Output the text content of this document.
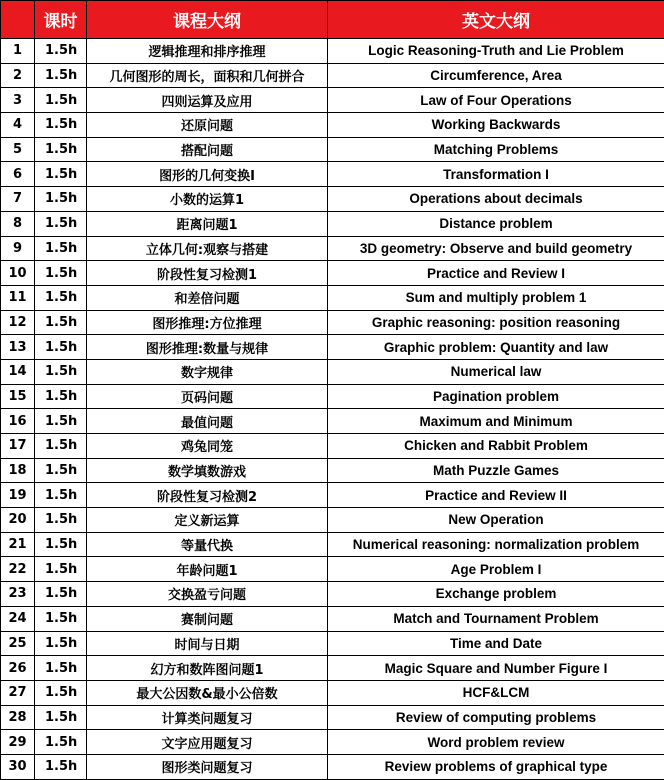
	课时	课程大纲	英文大纲
1	1.5h	逻辑推理和排序推理	Logic Reasoning-Truth and Lie Problem
2	1.5h	几何图形的周长，面积和几何拼合	Circumference, Area
3	1.5h	四则运算及应用	Law of Four Operations
4	1.5h	还原问题	Working Backwards
5	1.5h	搭配问题	Matching Problems
6	1.5h	图形的几何变换I	Transformation I
7	1.5h	小数的运算1	Operations about decimals
8	1.5h	距离问题1	Distance problem
9	1.5h	立体几何:观察与搭建	3D geometry: Observe and build geometry
10	1.5h	阶段性复习检测1	Practice and Review I
11	1.5h	和差倍问题	Sum and multiply problem 1
12	1.5h	图形推理:方位推理	Graphic reasoning: position reasoning
13	1.5h	图形推理:数量与规律	Graphic problem: Quantity and law
14	1.5h	数字规律	Numerical law
15	1.5h	页码问题	Pagination problem
16	1.5h	最值问题	Maximum and Minimum
17	1.5h	鸡兔同笼	Chicken and Rabbit Problem
18	1.5h	数学填数游戏	Math Puzzle Games
19	1.5h	阶段性复习检测2	Practice and Review II
20	1.5h	定义新运算	New Operation
21	1.5h	等量代换	Numerical reasoning: normalization problem
22	1.5h	年龄问题1	Age Problem I
23	1.5h	交换盈亏问题	Exchange problem
24	1.5h	赛制问题	Match and Tournament Problem
25	1.5h	时间与日期	Time and Date
26	1.5h	幻方和数阵图问题1	Magic Square and Number Figure I
27	1.5h	最大公因数&最小公倍数	HCF&LCM
28	1.5h	计算类问题复习	Review of computing problems
29	1.5h	文字应用题复习	Word problem review
30	1.5h	图形类问题复习	Review problems of graphical type
